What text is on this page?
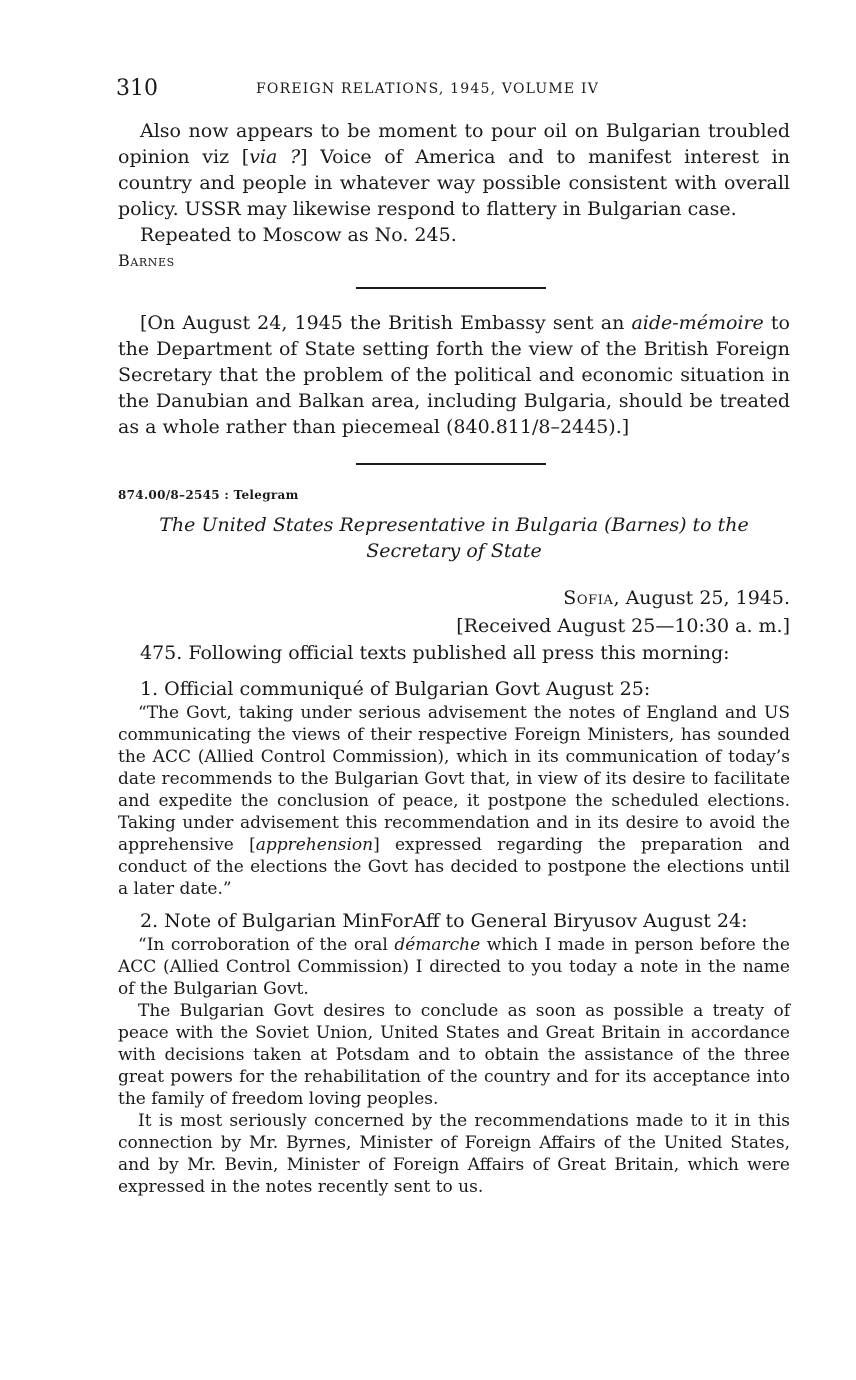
310	FOREIGN RELATIONS, 1945, VOLUME IV

Also now appears to be moment to pour oil on Bulgarian troubled opinion viz [via ?] Voice of America and to manifest interest in country and people in whatever way possible consistent with overall policy. USSR may likewise respond to flattery in Bulgarian case.

Repeated to Moscow as No. 245.

Barnes

[On August 24, 1945 the British Embassy sent an aide-mémoire to the Department of State setting forth the view of the British Foreign Secretary that the problem of the political and economic situation in the Danubian and Balkan area, including Bulgaria, should be treated as a whole rather than piecemeal (840.811/8–2445).]

874.00/8–2545 : Telegram
The United States Representative in Bulgaria (Barnes) to the
Secretary of State
Sofia, August 25, 1945.
[Received August 25—10:30 a. m.]

475. Following official texts published all press this morning:

1. Official communiqué of Bulgarian Govt August 25:

“The Govt, taking under serious advisement the notes of England and US communicating the views of their respective Foreign Ministers, has sounded the ACC (Allied Control Commission), which in its communication of today’s date recommends to the Bulgarian Govt that, in view of its desire to facilitate and expedite the conclusion of peace, it postpone the scheduled elections. Taking under advisement this recommendation and in its desire to avoid the apprehensive [apprehension] expressed regarding the preparation and conduct of the elections the Govt has decided to postpone the elections until a later date.”

2. Note of Bulgarian MinForAff to General Biryusov August 24:

“In corroboration of the oral démarche which I made in person before the ACC (Allied Control Commission) I directed to you today a note in the name of the Bulgarian Govt.

The Bulgarian Govt desires to conclude as soon as possible a treaty of peace with the Soviet Union, United States and Great Britain in accordance with decisions taken at Potsdam and to obtain the assistance of the three great powers for the rehabilitation of the country and for its acceptance into the family of freedom loving peoples.

It is most seriously concerned by the recommendations made to it in this connection by Mr. Byrnes, Minister of Foreign Affairs of the United States, and by Mr. Bevin, Minister of Foreign Affairs of Great Britain, which were expressed in the notes recently sent to us.
